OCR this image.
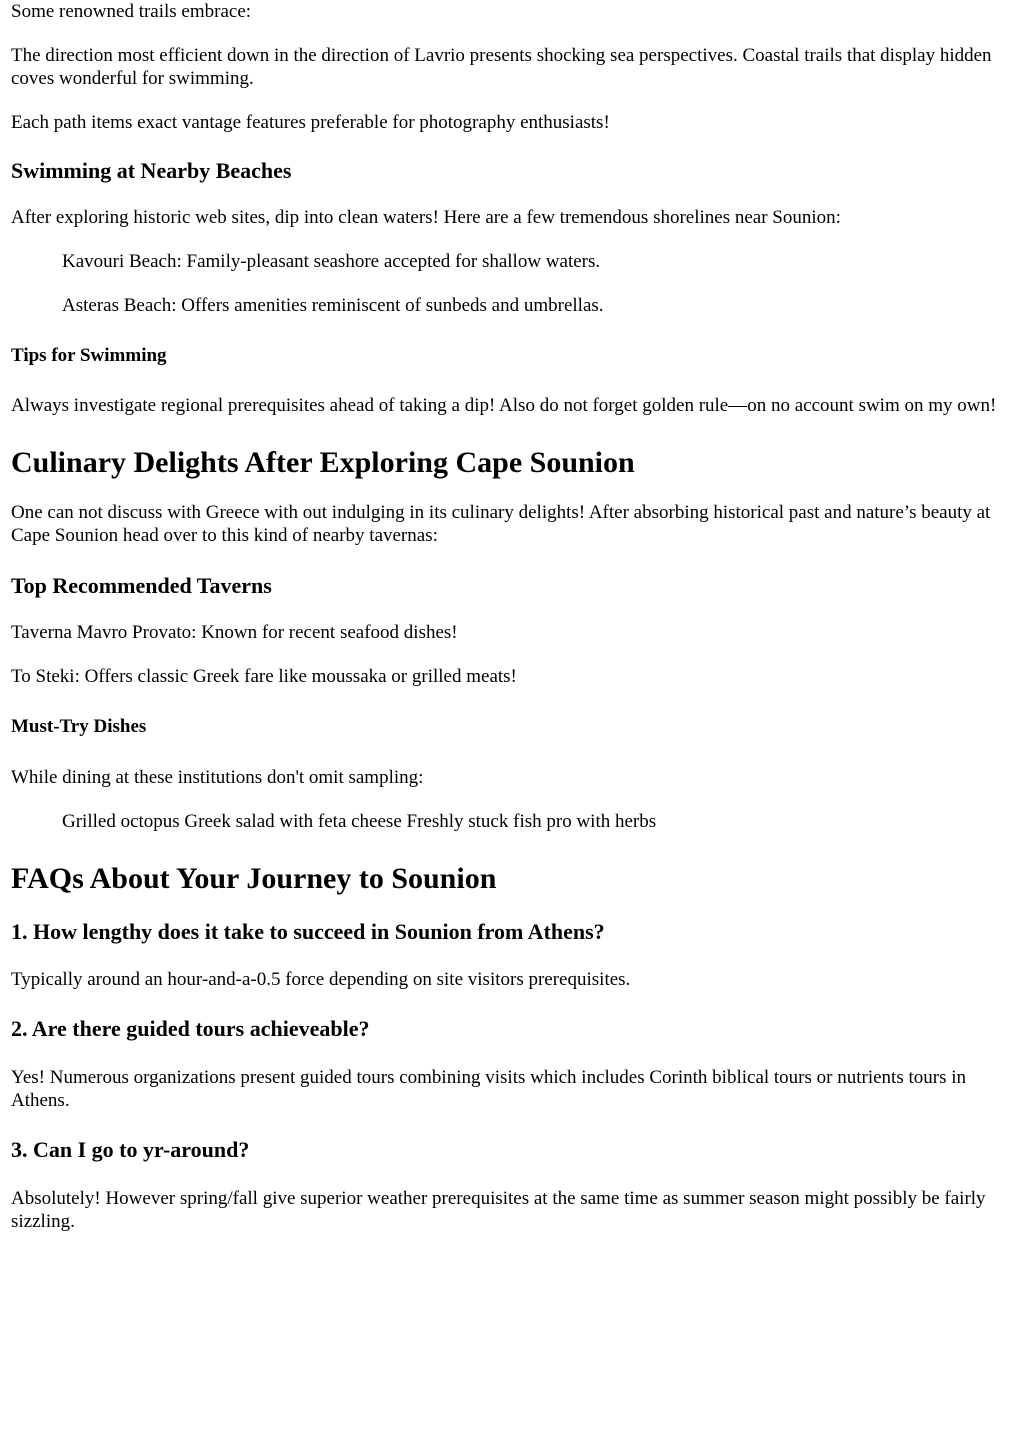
Some renowned trails embrace:

The direction most efficient down in the direction of Lavrio presents shocking sea perspectives. Coastal trails that display hidden coves wonderful for swimming.

Each path items exact vantage features preferable for photography enthusiasts!

Swimming at Nearby Beaches

After exploring historic web sites, dip into clean waters! Here are a few tremendous shorelines near Sounion:

Kavouri Beach: Family-pleasant seashore accepted for shallow waters.

Asteras Beach: Offers amenities reminiscent of sunbeds and umbrellas.

Tips for Swimming

Always investigate regional prerequisites ahead of taking a dip! Also do not forget golden rule—on no account swim on my own!

Culinary Delights After Exploring Cape Sounion

One can not discuss with Greece with out indulging in its culinary delights! After absorbing historical past and nature’s beauty at Cape Sounion head over to this kind of nearby tavernas:

Top Recommended Taverns

Taverna Mavro Provato: Known for recent seafood dishes!

To Steki: Offers classic Greek fare like moussaka or grilled meats!

Must-Try Dishes

While dining at these institutions don't omit sampling:

Grilled octopus Greek salad with feta cheese Freshly stuck fish pro with herbs

FAQs About Your Journey to Sounion
1. How lengthy does it take to succeed in Sounion from Athens?

Typically around an hour-and-a-0.5 force depending on site visitors prerequisites.

2. Are there guided tours achieveable?

Yes! Numerous organizations present guided tours combining visits which includes Corinth biblical tours or nutrients tours in Athens.

3. Can I go to yr-around?

Absolutely! However spring/fall give superior weather prerequisites at the same time as summer season might possibly be fairly sizzling.
